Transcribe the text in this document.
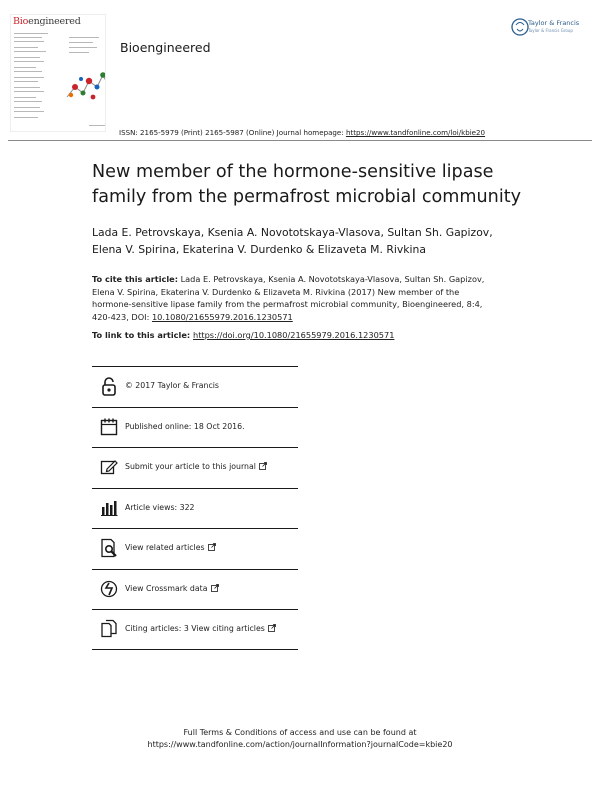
Bioengineered	Taylor & Francis
Taylor & Francis Group
Bioengineered
ISSN: 2165-5979 (Print) 2165-5987 (Online) Journal homepage: https://www.tandfonline.com/loi/kbie20
New member of the hormone-sensitive lipase
family from the permafrost microbial community
Lada E. Petrovskaya, Ksenia A. Novototskaya-Vlasova, Sultan Sh. Gapizov,
Elena V. Spirina, Ekaterina V. Durdenko & Elizaveta M. Rivkina
To cite this article: Lada E. Petrovskaya, Ksenia A. Novototskaya-Vlasova, Sultan Sh. Gapizov,
Elena V. Spirina, Ekaterina V. Durdenko & Elizaveta M. Rivkina (2017) New member of the
hormone-sensitive lipase family from the permafrost microbial community, Bioengineered, 8:4,
420-423, DOI: 10.1080/21655979.2016.1230571
To link to this article: https://doi.org/10.1080/21655979.2016.1230571
© 2017 Taylor & Francis
Published online: 18 Oct 2016.
Submit your article to this journal
Article views: 322
View related articles
View Crossmark data
Citing articles: 3 View citing articles
Full Terms & Conditions of access and use can be found at
https://www.tandfonline.com/action/journalInformation?journalCode=kbie20
